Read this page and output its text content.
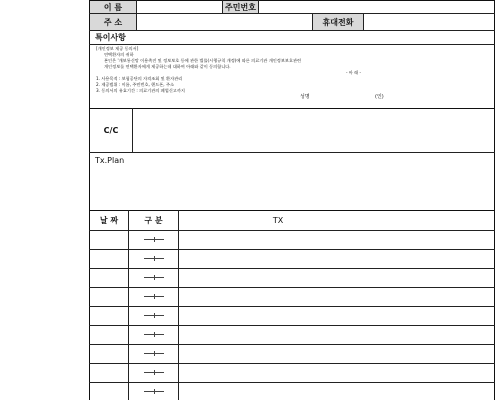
이 름	주민번호
주 소	휴대전화
특이사항
[개인정보 제공 동의서]
연택환자의 귀하
본인은 '개보통신망 이용촉진 및 정보보호 등에 관한 법률(시행규칙 개정)에 따른 의료기관 개인정보보호관련
개인정보를 연택환자에게 제공하는데 대하여 아래와 같이 동의합니다.
- 아 래 -
1. 사용목적 : 보험공단의 자격조회 및 환자관리
2. 제공범위 : 이름, 주민번호, 핸드폰, 주소
3. 동의서의 유효기간 : 의료기관의 폐업신고까지
성명	(인)
C/C
Tx.Plan
날 짜	구 분	TX
